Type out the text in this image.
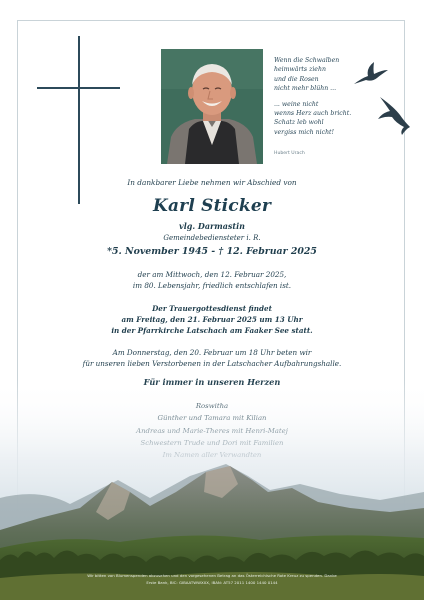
Wenn die Schwalben
heimwärts ziehn
und die Rosen
nicht mehr blühn ...
... weine nicht
wenns Herz auch bricht.
Schatz leb wohl
vergiss mich nicht!
Hubert Urach
In dankbarer Liebe nehmen wir Abschied von
Karl Sticker
vlg. Darmastin
Gemeindebediensteter i. R.
*5. November 1945 - † 12. Februar 2025
der am Mittwoch, den 12. Februar 2025,
im 80. Lebensjahr, friedlich entschlafen ist.
Der Trauergottesdienst findet
am Freitag, den 21. Februar 2025 um 13 Uhr
in der Pfarrkirche Latschach am Faaker See statt.
Am Donnerstag, den 20. Februar um 18 Uhr beten wir
für unseren lieben Verstorbenen in der Latschacher Aufbahrungshalle.
Wir bitten von Blumenspenden abzusehen und den vorgesehenen Betrag an das Österreichische Rote Kreuz zu spenden. Danke
Erste Bank, BIC: GIBAATWWXXX, IBAN: AT57 2011 1400 1440 0144
